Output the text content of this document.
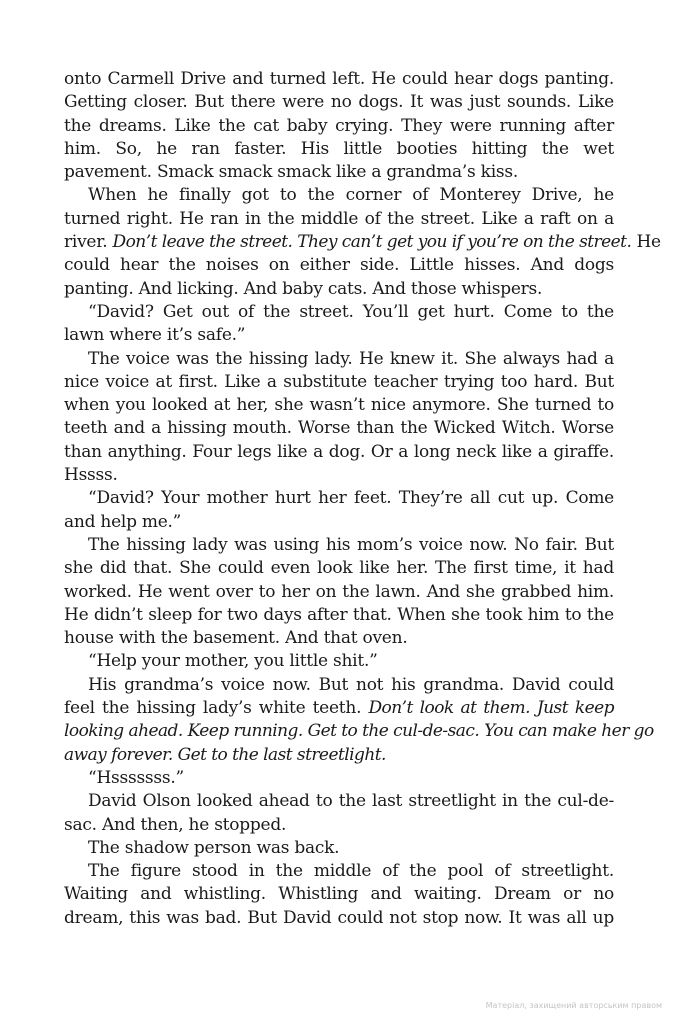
onto Carmell Drive and turned left. He could hear dogs panting.
Getting closer. But there were no dogs. It was just sounds. Like
the dreams. Like the cat baby crying. They were running after
him. So, he ran faster. His little booties hitting the wet
pavement. Smack smack smack like a grandma’s kiss.
When he finally got to the corner of Monterey Drive, he
turned right. He ran in the middle of the street. Like a raft on a
river. Don’t leave the street. They can’t get you if you’re on the street. He
could hear the noises on either side. Little hisses. And dogs
panting. And licking. And baby cats. And those whispers.
“David? Get out of the street. You’ll get hurt. Come to the
lawn where it’s safe.”
The voice was the hissing lady. He knew it. She always had a
nice voice at first. Like a substitute teacher trying too hard. But
when you looked at her, she wasn’t nice anymore. She turned to
teeth and a hissing mouth. Worse than the Wicked Witch. Worse
than anything. Four legs like a dog. Or a long neck like a giraffe.
Hssss.
“David? Your mother hurt her feet. They’re all cut up. Come
and help me.”
The hissing lady was using his mom’s voice now. No fair. But
she did that. She could even look like her. The first time, it had
worked. He went over to her on the lawn. And she grabbed him.
He didn’t sleep for two days after that. When she took him to the
house with the basement. And that oven.
“Help your mother, you little shit.”
His grandma’s voice now. But not his grandma. David could
feel the hissing lady’s white teeth. Don’t look at them. Just keep
looking ahead. Keep running. Get to the cul-de-sac. You can make her go
away forever. Get to the last streetlight.
“Hsssssss.”
David Olson looked ahead to the last streetlight in the cul-de-
sac. And then, he stopped.
The shadow person was back.
The figure stood in the middle of the pool of streetlight.
Waiting and whistling. Whistling and waiting. Dream or no
dream, this was bad. But David could not stop now. It was all up
Матеріал, захищений авторським правом
